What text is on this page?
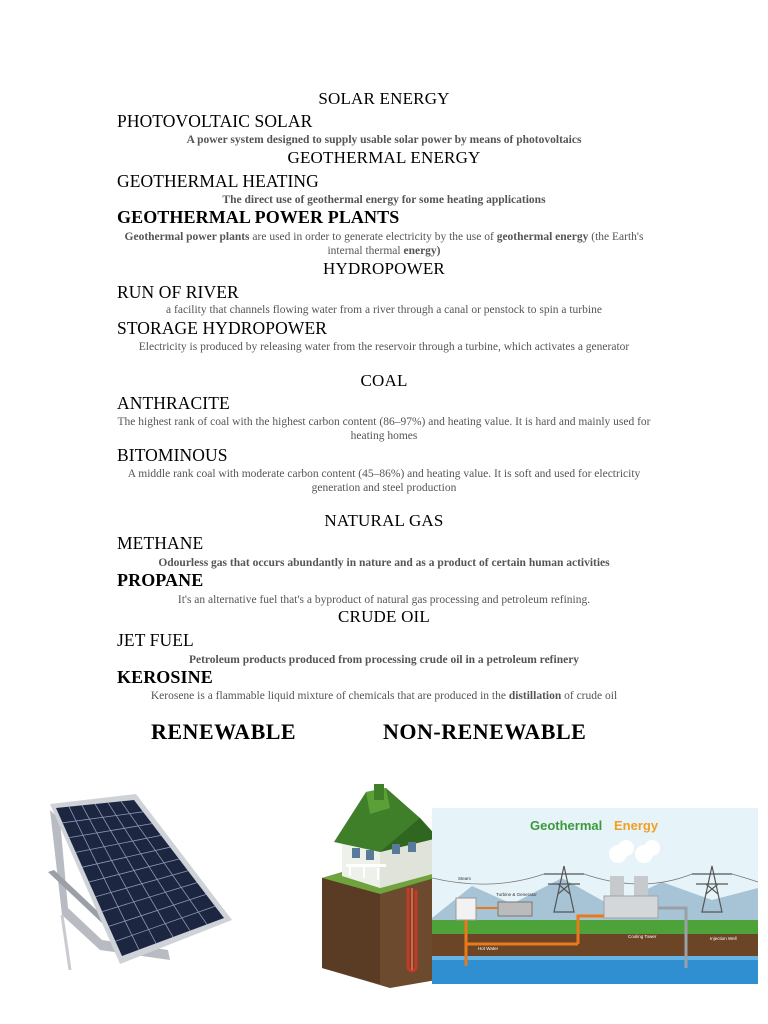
SOLAR ENERGY
PHOTOVOLTAIC SOLAR
A power system designed to supply usable solar power by means of photovoltaics
GEOTHERMAL ENERGY
GEOTHERMAL HEATING
The direct use of geothermal energy for some heating applications
GEOTHERMAL POWER PLANTS
Geothermal power plants are used in order to generate electricity by the use of geothermal energy (the Earth's internal thermal energy)
HYDROPOWER
RUN OF RIVER
a facility that channels flowing water from a river through a canal or penstock to spin a turbine
STORAGE HYDROPOWER
Electricity is produced by releasing water from the reservoir through a turbine, which activates a generator
COAL
ANTHRACITE
The highest rank of coal with the highest carbon content (86–97%) and heating value. It is hard and mainly used for heating homes
BITOMINOUS
A middle rank coal with moderate carbon content (45–86%) and heating value. It is soft and used for electricity generation and steel production
NATURAL GAS
METHANE
Odourless gas that occurs abundantly in nature and as a product of certain human activities
PROPANE
It's an alternative fuel that's a byproduct of natural gas processing and petroleum refining.
CRUDE OIL
JET FUEL
Petroleum products produced from processing crude oil in a petroleum refinery
KEROSINE
Kerosene is a flammable liquid mixture of chemicals that are produced in the distillation of crude oil
RENEWABLE	NON-RENEWABLE
Geothermal Energy
Steam
Turbine & Generator
Cooling Tower
Hot Water
Injection Well
